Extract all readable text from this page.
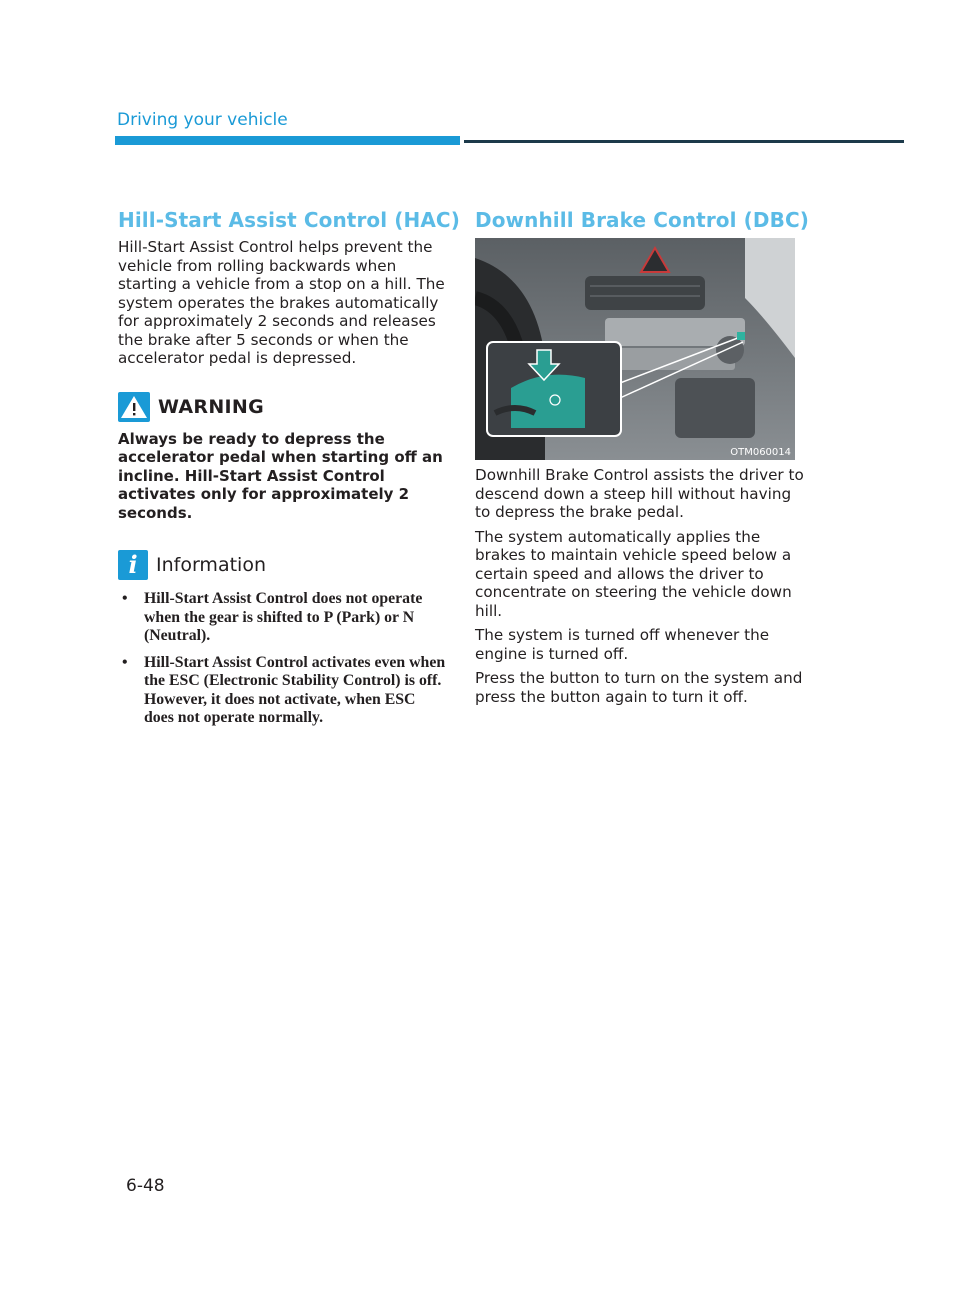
Driving your vehicle
Hill-Start Assist Control (HAC)

Hill-Start Assist Control helps prevent the vehicle from rolling backwards when starting a vehicle from a stop on a hill. The system operates the brakes automatically for approximately 2 seconds and releases the brake after 5 seconds or when the accelerator pedal is depressed.

WARNING

Always be ready to depress the accelerator pedal when starting off an incline. Hill-Start Assist Control activates only for approximately 2 seconds.

i Information
• Hill-Start Assist Control does not operate when the gear is shifted to P (Park) or N (Neutral).
• Hill-Start Assist Control activates even when the ESC (Electronic Stability Control) is off. However, it does not activate, when ESC does not operate normally.
Downhill Brake Control (DBC)
OTM060014

Downhill Brake Control assists the driver to descend down a steep hill without having to depress the brake pedal.

The system automatically applies the brakes to maintain vehicle speed below a certain speed and allows the driver to concentrate on steering the vehicle down hill.

The system is turned off whenever the engine is turned off.

Press the button to turn on the system and press the button again to turn it off.

6-48
